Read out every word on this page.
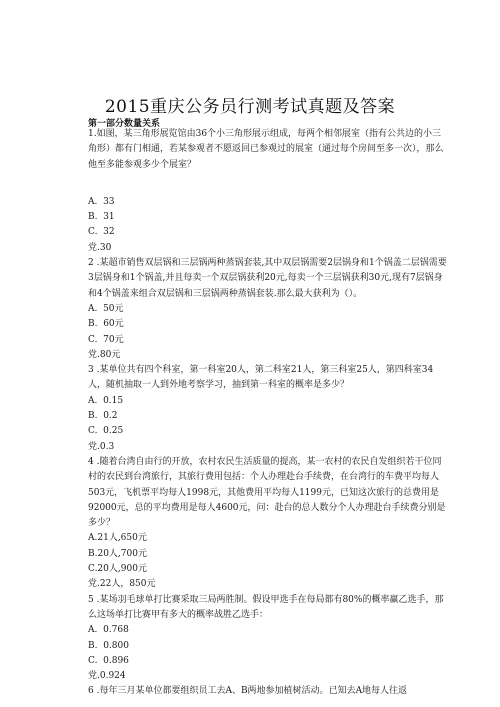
2015重庆公务员行测考试真题及答案
第一部分数量关系

1.如图，某三角形展览馆由36个小三角形展示组成，每两个相邻展室（指有公共边的小三角形）都有门相通，若某参观者不愿返回已参观过的展室（通过每个房间至多一次），那么他至多能参观多少个展室？

A.  33

B.  31

C.  32

党.30

2 .某超市销售双层锅和三层锅两种蒸锅套装,其中双层锅需要2层锅身和1个锅盖二层锅需要3层锅身和1个锅盖,并且每卖一个双层锅获利20元,每卖一个三层锅获利30元,现有7层锅身和4个锅盖来组合双层锅和三层锅两种蒸锅套装.那么最大获利为（）。

A.  50元

B.  60元

C.  70元

党.80元

3 .某单位共有四个科室，第一科室20人，第二科室21人，第三科室25人，第四科室34人，随机抽取一人到外地考察学习，抽到第一科室的概率是多少？

A.  0.15

B.  0.2

C.  0.25

党.0.3

4 .随着台湾自由行的开放，农村农民生活质量的提高，某一农村的农民自发组织若干位同村的农民到台湾旅行，其旅行费用包括：个人办理赴台手续费，在台湾行的车费平均每人503元，飞机票平均每人1998元，其他费用平均每人1199元，已知这次旅行的总费用是92000元，总的平均费用是每人4600元，问：赴台的总人数分个人办理赴台手续费分别是多少？

A.21人,650元

B.20人,700元

C.20人,900元

党.22人，850元

5 .某场羽毛球单打比赛采取三局两胜制。假设甲选手在每局都有80%的概率赢乙选手，那么这场单打比赛甲有多大的概率战胜乙选手：

A.  0.768

B.  0.800

C.  0.896

党.0.924

6 .每年三月某单位都要组织员工去A、B两地参加植树活动。已知去A地每人往返
